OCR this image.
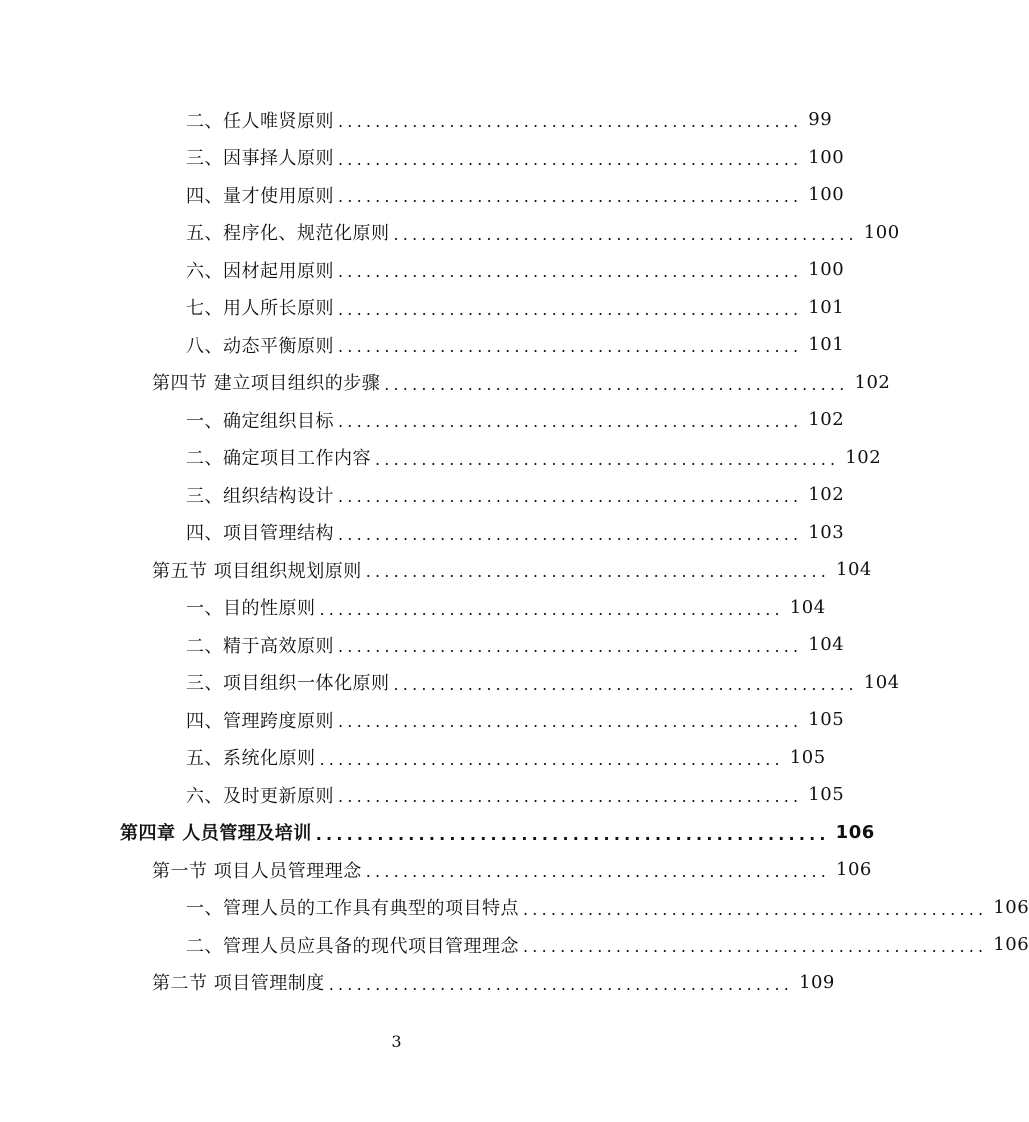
二、任人唯贤原则 .................................................. 99
三、因事择人原则 .................................................. 100
四、量才使用原则 .................................................. 100
五、程序化、规范化原则 .................................................. 100
六、因材起用原则 .................................................. 100
七、用人所长原则 .................................................. 101
八、动态平衡原则 .................................................. 101
第四节 建立项目组织的步骤 .................................................. 102
一、确定组织目标 .................................................. 102
二、确定项目工作内容 .................................................. 102
三、组织结构设计 .................................................. 102
四、项目管理结构 .................................................. 103
第五节 项目组织规划原则 .................................................. 104
一、目的性原则 .................................................. 104
二、精于高效原则 .................................................. 104
三、项目组织一体化原则 .................................................. 104
四、管理跨度原则 .................................................. 105
五、系统化原则 .................................................. 105
六、及时更新原则 .................................................. 105
第四章 人员管理及培训 .................................................. 106
第一节 项目人员管理理念 .................................................. 106
一、管理人员的工作具有典型的项目特点 .................................................. 106
二、管理人员应具备的现代项目管理理念 .................................................. 106
第二节 项目管理制度 .................................................. 109
3
